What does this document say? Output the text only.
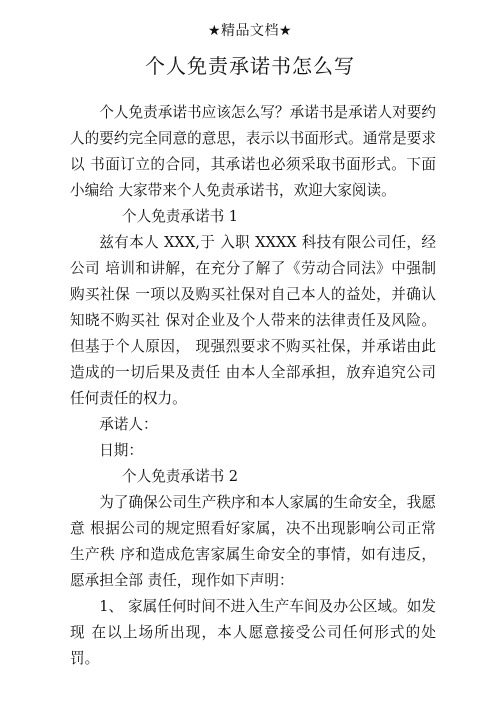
★精品文档★
个人免责承诺书怎么写

个人免责承诺书应该怎么写？承诺书是承诺人对要约 人的要约完全同意的意思，表示以书面形式。通常是要求以 书面订立的合同，其承诺也必须采取书面形式。下面小编给 大家带来个人免责承诺书，欢迎大家阅读。

个人免责承诺书 1

兹有本人 XXX,于 入职 XXXX 科技有限公司任，经公司 培训和讲解，在充分了解了《劳动合同法》中强制购买社保 一项以及购买社保对自己本人的益处，并确认知晓不购买社 保对企业及个人带来的法律责任及风险。但基于个人原因， 现强烈要求不购买社保，并承诺由此造成的一切后果及责任 由本人全部承担，放弃追究公司任何责任的权力。

承诺人：

日期：

个人免责承诺书 2

为了确保公司生产秩序和本人家属的生命安全，我愿意 根据公司的规定照看好家属，决不出现影响公司正常生产秩 序和造成危害家属生命安全的事情，如有违反，愿承担全部 责任，现作如下声明：

1、 家属任何时间不进入生产车间及办公区域。如发现 在以上场所出现，本人愿意接受公司任何形式的处罚。
